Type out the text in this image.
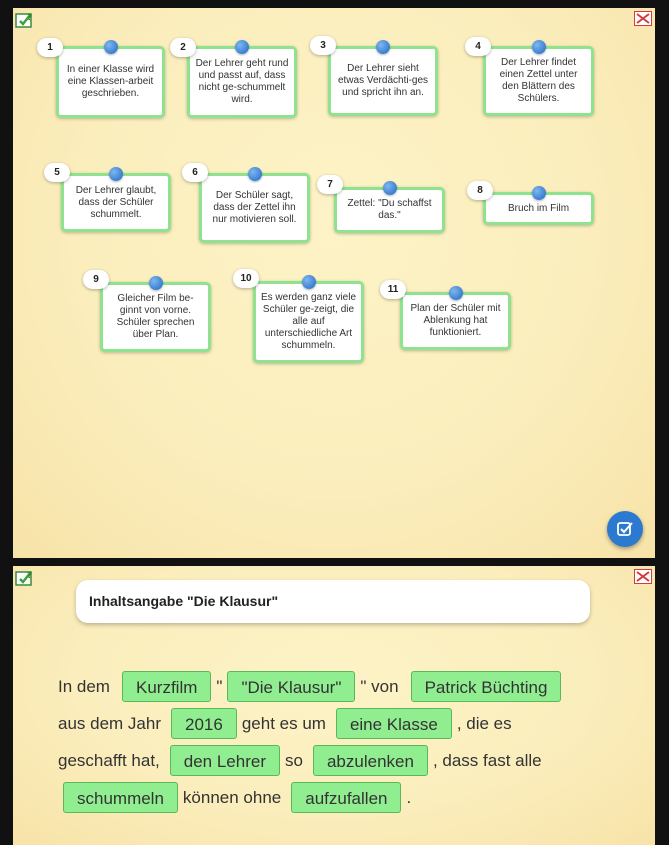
?
In einer Klasse wird eine Klassen-arbeit geschrieben.
1
Der Lehrer geht rund und passt auf, dass nicht ge-schummelt wird.
2
Der Lehrer sieht etwas Verdächti-ges und spricht ihn an.
3
Der Lehrer findet einen Zettel unter den Blättern des Schülers.
4
Der Lehrer glaubt, dass der Schüler schummelt.
5
Der Schüler sagt, dass der Zettel ihn nur motivieren soll.
6
Zettel: "Du schaffst das."
7
Bruch im Film
8
Gleicher Film be-ginnt von vorne. Schüler sprechen über Plan.
9
Es werden ganz viele Schüler ge-zeigt, die alle auf unterschiedliche Art schummeln.
10
Plan der Schüler mit Ablenkung hat funktioniert.
11
?
Inhaltsangabe "Die Klausur"
In dem	Kurzfilm	"	"Die Klausur"	" von	Patrick Büchting
aus dem Jahr	2016	geht es um	eine Klasse	, die es
geschafft hat,	den Lehrer	so	abzulenken	, dass fast alle
schummeln	können ohne	aufzufallen	.
